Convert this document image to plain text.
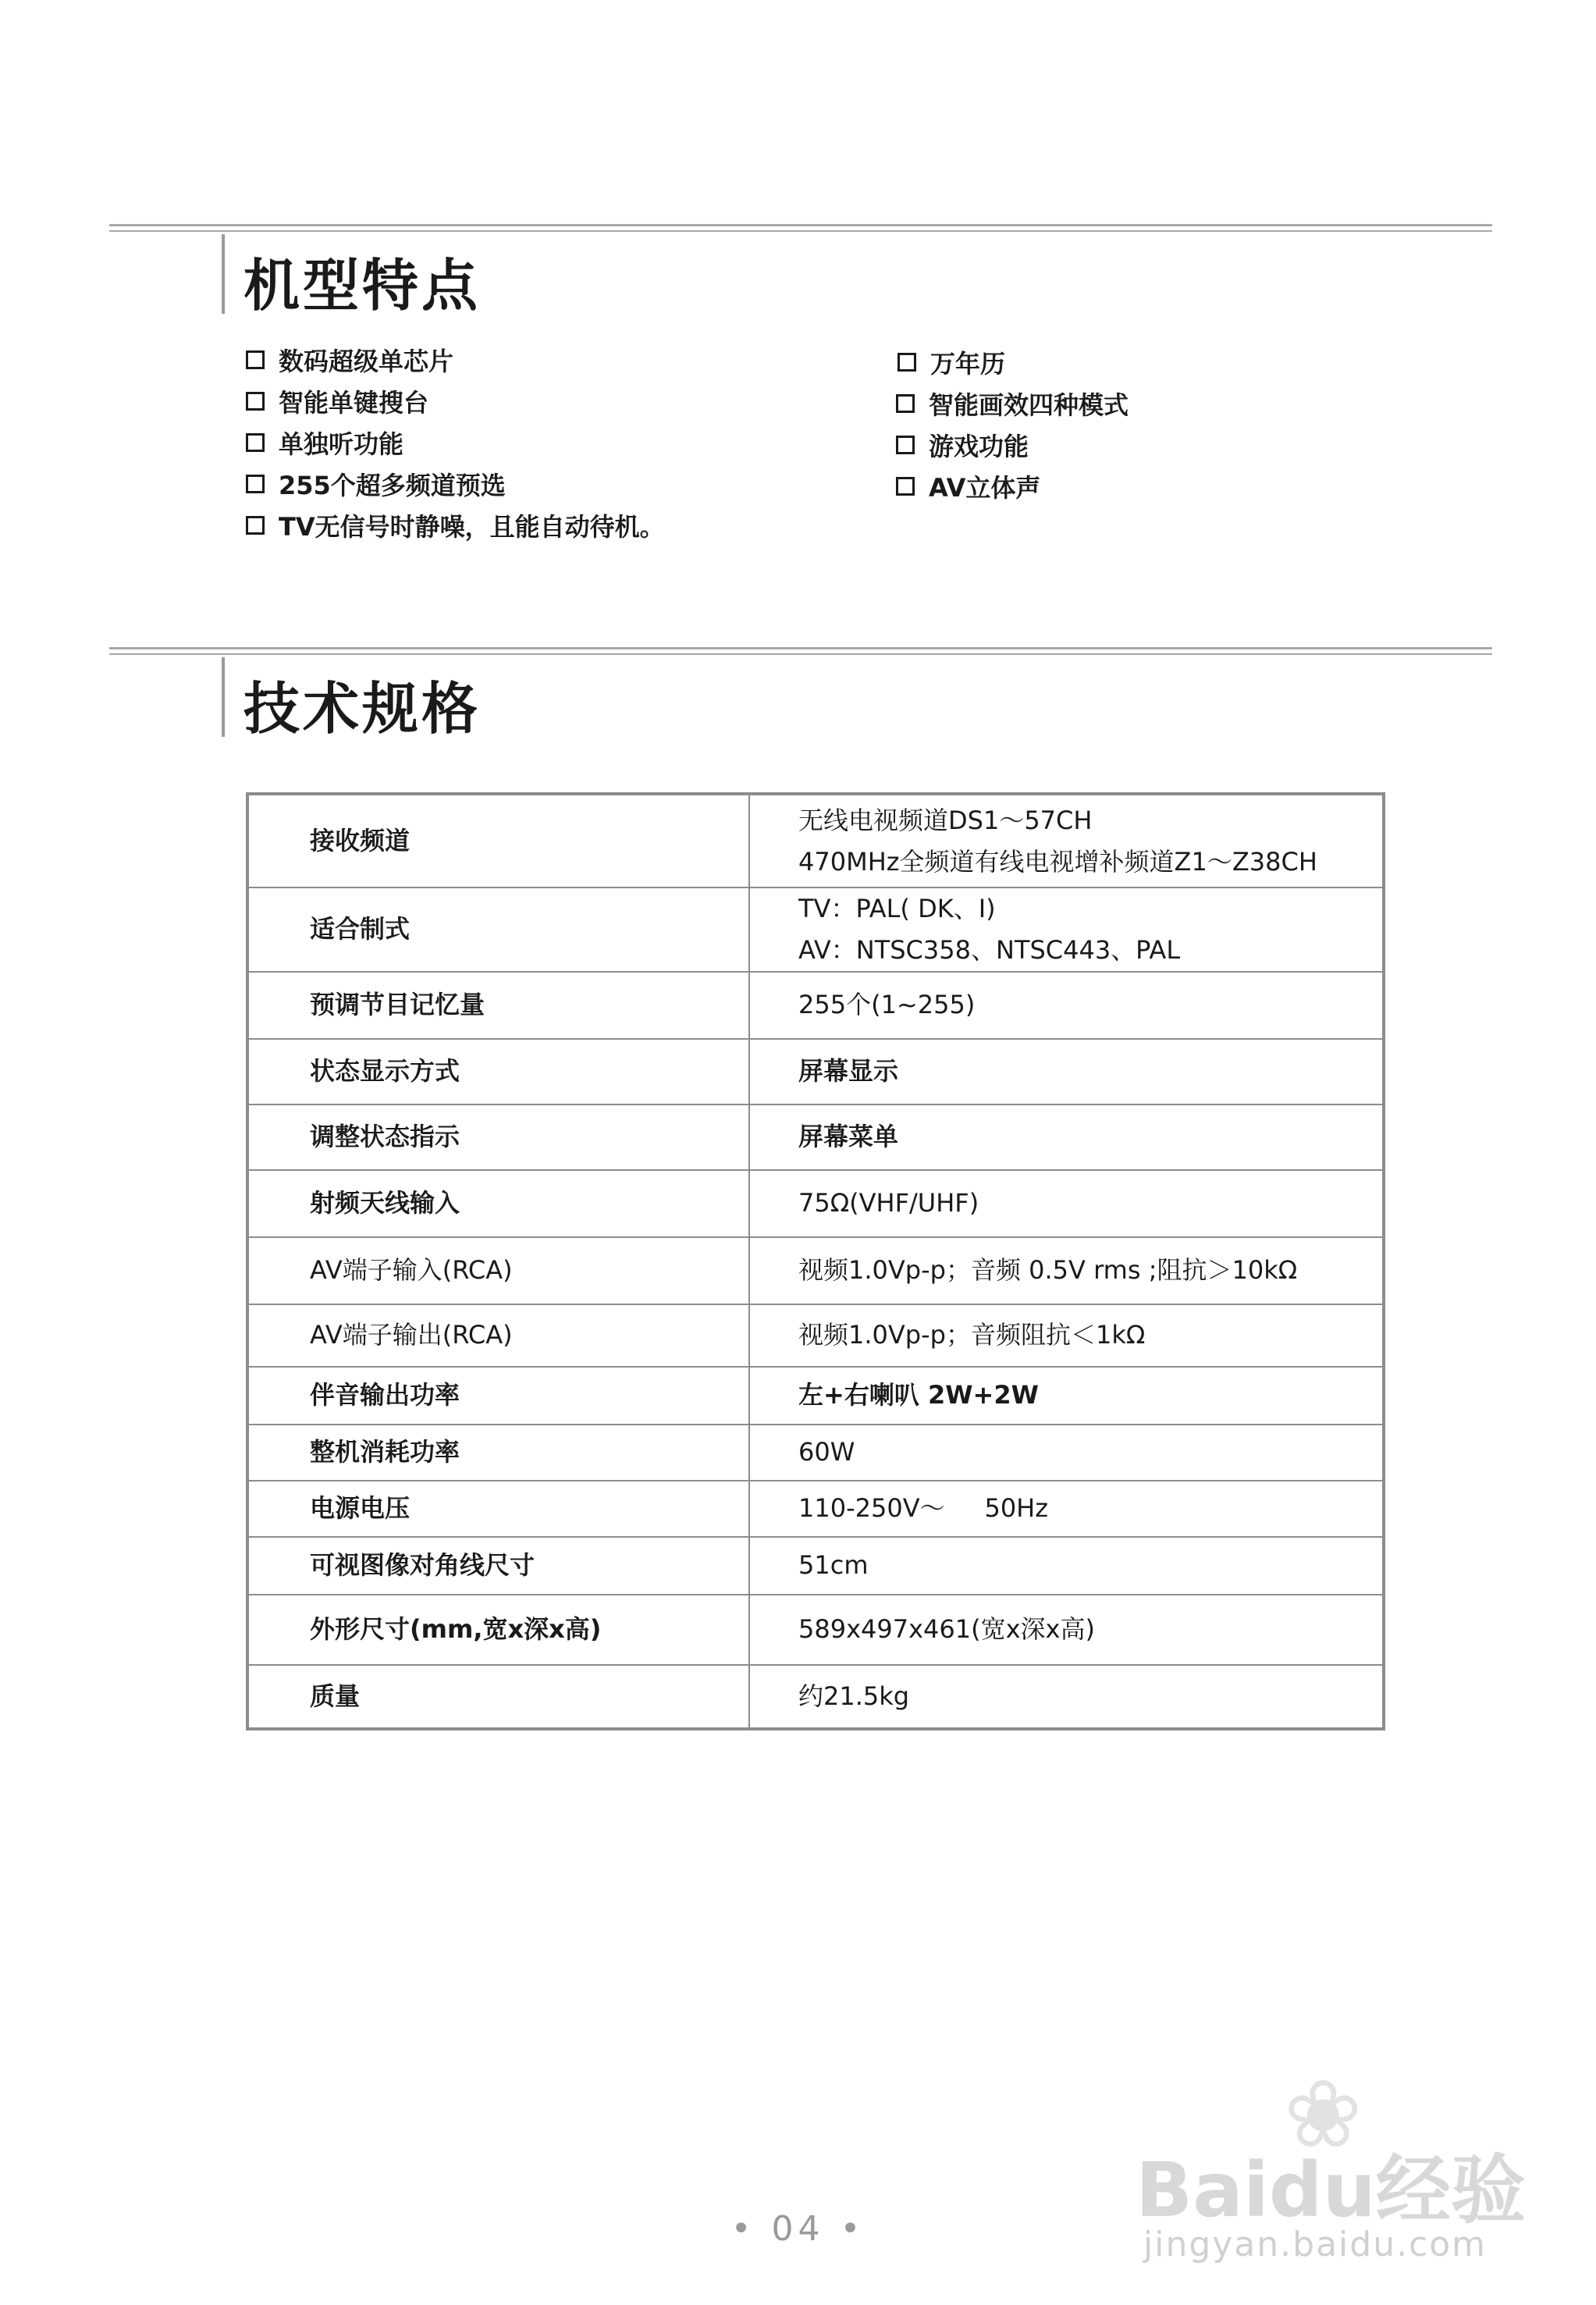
机型特点
数码超级单芯片
智能单键搜台
单独听功能
255个超多频道预选
TV无信号时静噪，且能自动待机。
万年历
智能画效四种模式
游戏功能
AV立体声
技术规格
接收频道	无线电视频道DS1～57CH
470MHz全频道有线电视增补频道Z1～Z38CH

适合制式	TV：PAL( DK、I)
AV：NTSC358、NTSC443、PAL

预调节目记忆量	255个(1~255)
状态显示方式	屏幕显示
调整状态指示	屏幕菜单
射频天线输入	75Ω(VHF/UHF)
AV端子输入(RCA)	视频1.0Vp-p；音频 0.5V rms ;阻抗＞10kΩ
AV端子输出(RCA)	视频1.0Vp-p；音频阻抗＜1kΩ
伴音输出功率	左+右喇叭 2W+2W
整机消耗功率	60W
电源电压	110-250V～     50Hz
可视图像对角线尺寸	51cm
外形尺寸(mm,宽x深x高)	589x497x461(宽x深x高)
质量	约21.5kg
• 04 •
❀
Baidu经验
jingyan.baidu.com
